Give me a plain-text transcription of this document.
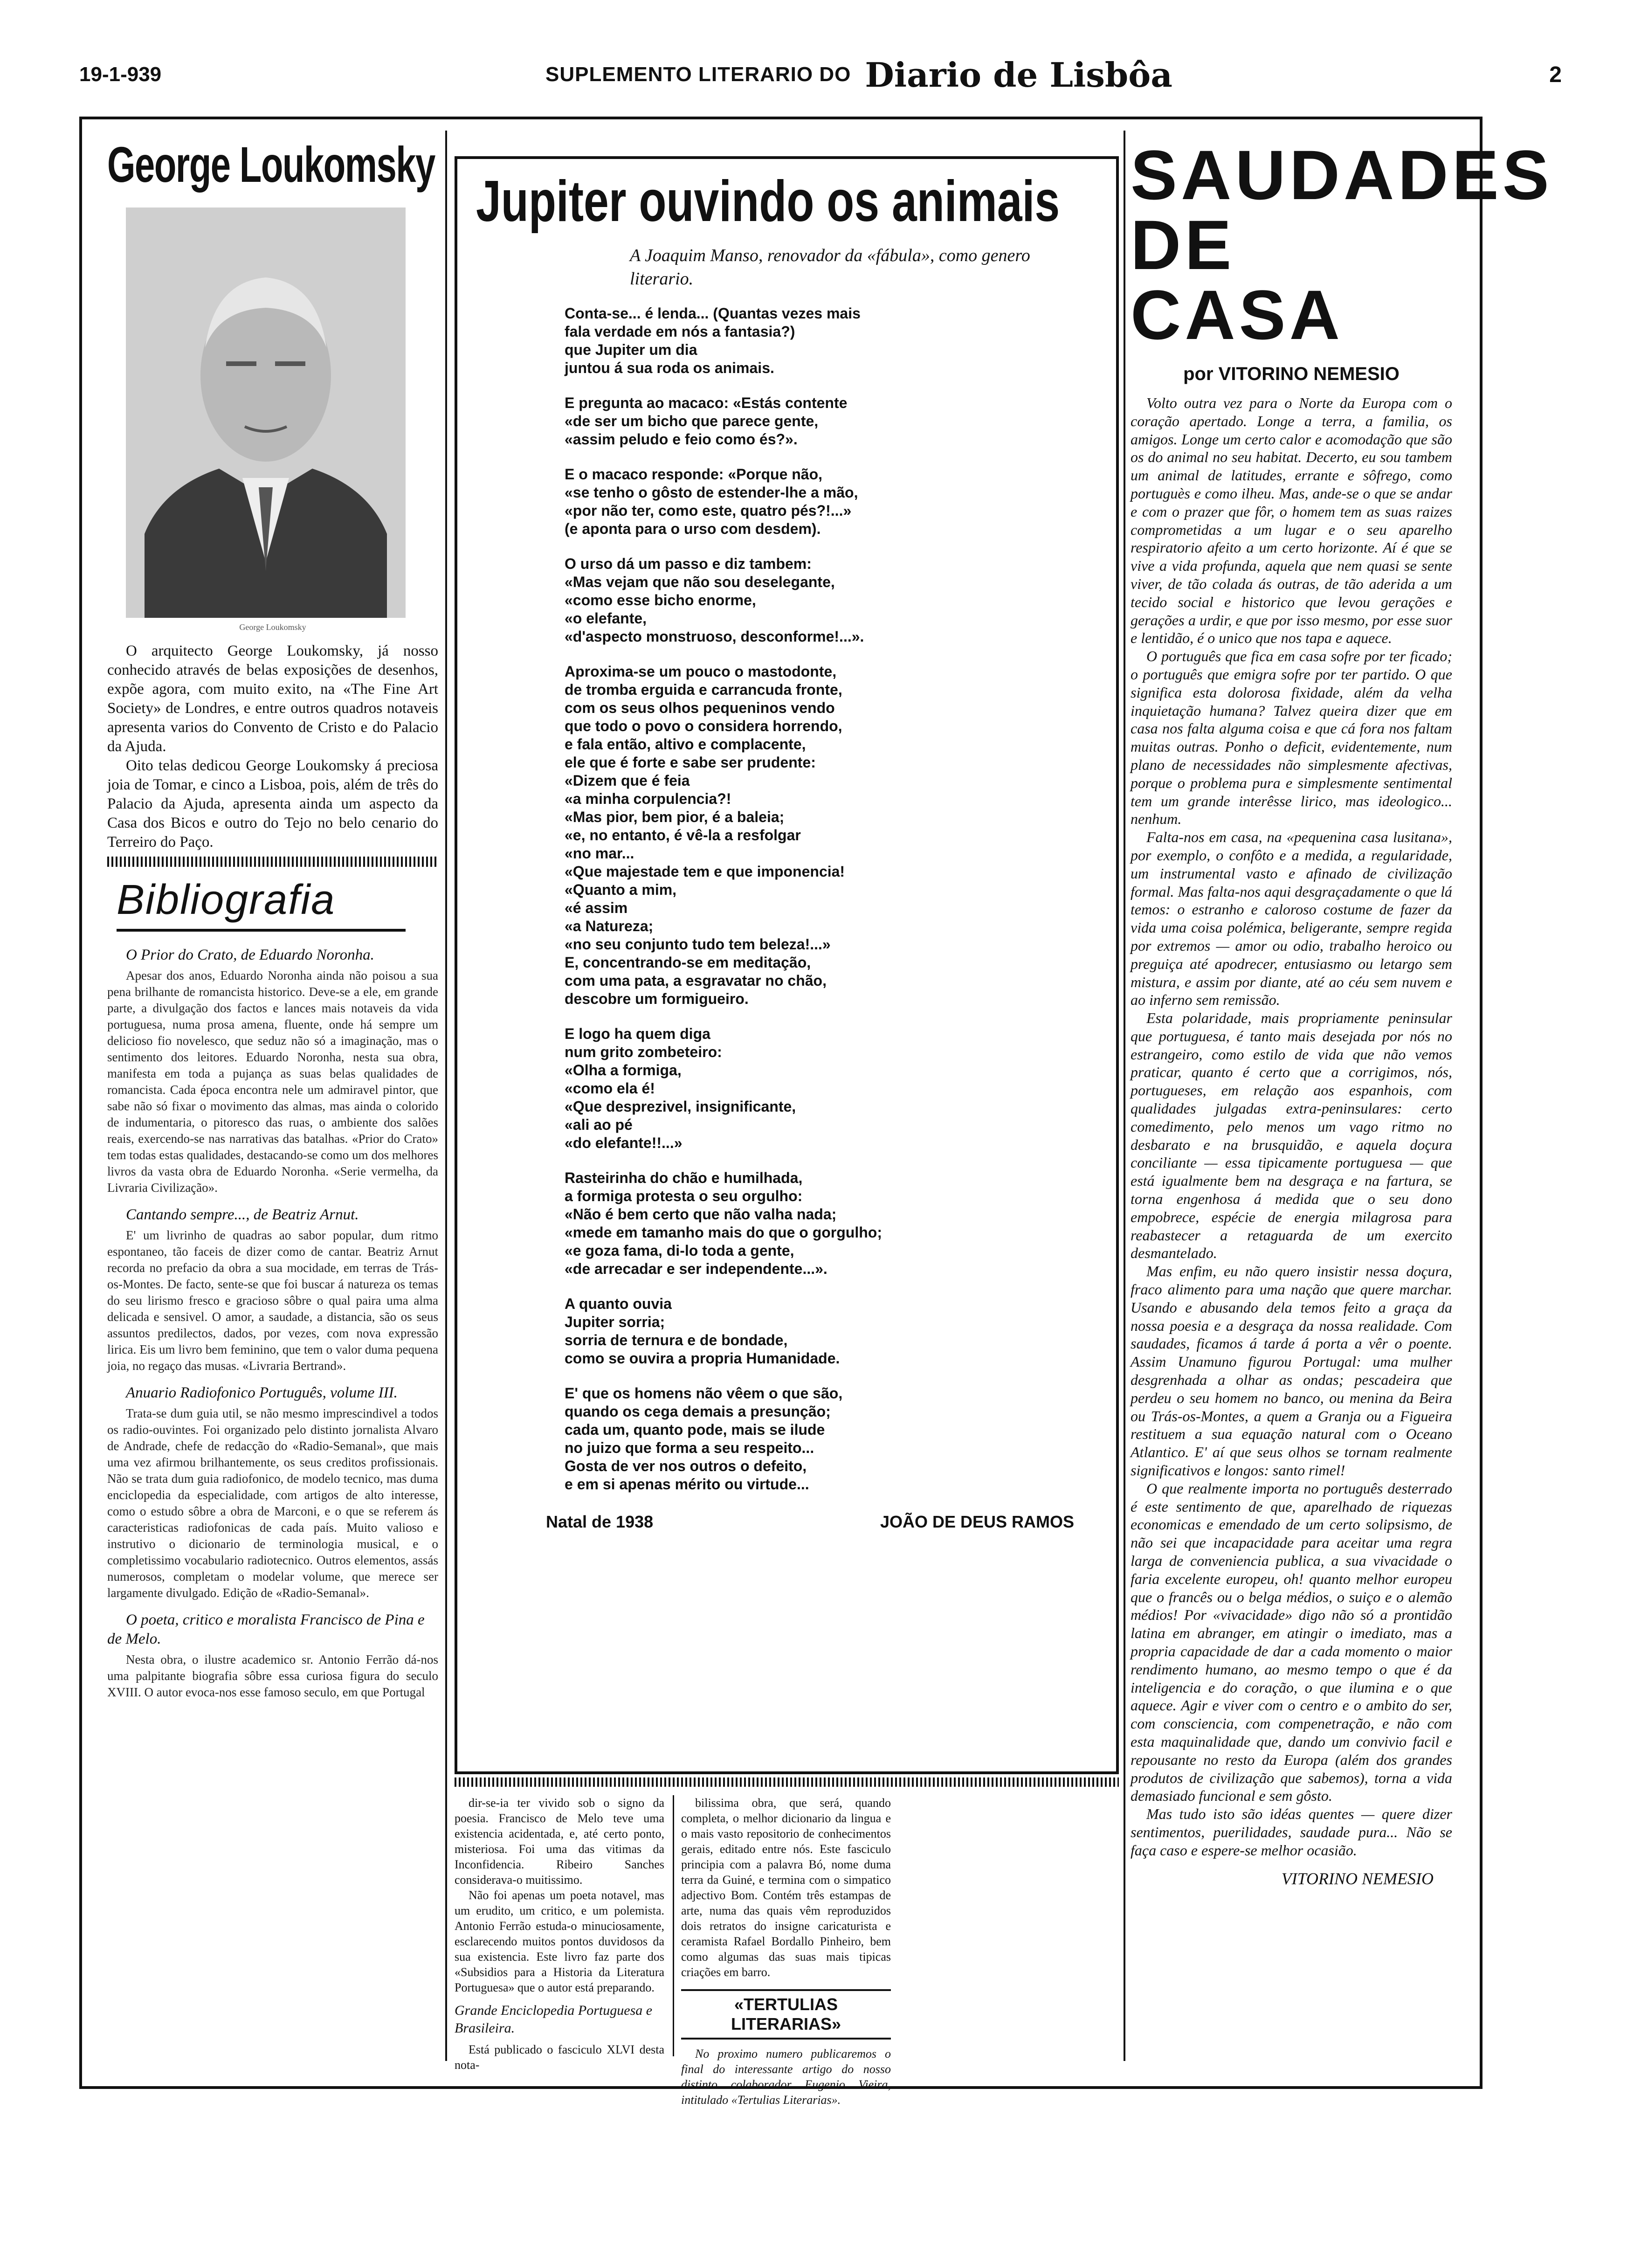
19-1-939	SUPLEMENTO LITERARIO DO Diario de Lisbôa	2
George Loukomsky
George Loukomsky

O arquitecto George Loukomsky, já nosso conhecido através de belas exposições de desenhos, expõe agora, com muito exito, na «The Fine Art Society» de Londres, e entre outros quadros notaveis apresenta varios do Convento de Cristo e do Palacio da Ajuda.

Oito telas dedicou George Loukomsky á preciosa joia de Tomar, e cinco a Lisboa, pois, além de três do Palacio da Ajuda, apresenta ainda um aspecto da Casa dos Bicos e outro do Tejo no belo cenario do Terreiro do Paço.

Bibliografia
O Prior do Crato, de Eduardo Noronha.

Apesar dos anos, Eduardo Noronha ainda não poisou a sua pena brilhante de romancista historico. Deve-se a ele, em grande parte, a divulgação dos factos e lances mais notaveis da vida portuguesa, numa prosa amena, fluente, onde há sempre um delicioso fio novelesco, que seduz não só a imaginação, mas o sentimento dos leitores. Eduardo Noronha, nesta sua obra, manifesta em toda a pujança as suas belas qualidades de romancista. Cada época encontra nele um admiravel pintor, que sabe não só fixar o movimento das almas, mas ainda o colorido de indumentaria, o pitoresco das ruas, o ambiente dos salões reais, exercendo-se nas narrativas das batalhas. «Prior do Crato» tem todas estas qualidades, destacando-se como um dos melhores livros da vasta obra de Eduardo Noronha. «Serie vermelha, da Livraria Civilização».

Cantando sempre..., de Beatriz Arnut.

E' um livrinho de quadras ao sabor popular, dum ritmo espontaneo, tão faceis de dizer como de cantar. Beatriz Arnut recorda no prefacio da obra a sua mocidade, em terras de Trás-os-Montes. De facto, sente-se que foi buscar á natureza os temas do seu lirismo fresco e gracioso sôbre o qual paira uma alma delicada e sensivel. O amor, a saudade, a distancia, são os seus assuntos predilectos, dados, por vezes, com nova expressão lirica. Eis um livro bem feminino, que tem o valor duma pequena joia, no regaço das musas. «Livraria Bertrand».

Anuario Radiofonico Português, volume III.

Trata-se dum guia util, se não mesmo imprescindivel a todos os radio-ouvintes. Foi organizado pelo distinto jornalista Alvaro de Andrade, chefe de redacção do «Radio-Semanal», que mais uma vez afirmou brilhantemente, os seus creditos profissionais. Não se trata dum guia radiofonico, de modelo tecnico, mas duma enciclopedia da especialidade, com artigos de alto interesse, como o estudo sôbre a obra de Marconi, e o que se referem ás caracteristicas radiofonicas de cada país. Muito valioso e instrutivo o dicionario de terminologia musical, e o completissimo vocabulario radiotecnico. Outros elementos, assás numerosos, completam o modelar volume, que merece ser largamente divulgado. Edição de «Radio-Semanal».

O poeta, critico e moralista Francisco de Pina e de Melo.

Nesta obra, o ilustre academico sr. Antonio Ferrão dá-nos uma palpitante biografia sôbre essa curiosa figura do seculo XVIII. O autor evoca-nos esse famoso seculo, em que Portugal

Jupiter ouvindo os animais
A Joaquim Manso, renovador da «fábula», como genero literario.
Conta-se... é lenda... (Quantas vezes mais
fala verdade em nós a fantasia?)
que Jupiter um dia
juntou á sua roda os animais.
E pregunta ao macaco: «Estás contente
«de ser um bicho que parece gente,
«assim peludo e feio como és?».
E o macaco responde: «Porque não,
«se tenho o gôsto de estender-lhe a mão,
«por não ter, como este, quatro pés?!...»
(e aponta para o urso com desdem).
O urso dá um passo e diz tambem:
«Mas vejam que não sou deselegante,
«como esse bicho enorme,
«o elefante,
«d'aspecto monstruoso, desconforme!...».
Aproxima-se um pouco o mastodonte,
de tromba erguida e carrancuda fronte,
com os seus olhos pequeninos vendo
que todo o povo o considera horrendo,
e fala então, altivo e complacente,
ele que é forte e sabe ser prudente:
«Dizem que é feia
«a minha corpulencia?!
«Mas pior, bem pior, é a baleia;
«e, no entanto, é vê-la a resfolgar
«no mar...
«Que majestade tem e que imponencia!
«Quanto a mim,
«é assim
«a Natureza;
«no seu conjunto tudo tem beleza!...»
E, concentrando-se em meditação,
com uma pata, a esgravatar no chão,
descobre um formigueiro.
E logo ha quem diga
num grito zombeteiro:
«Olha a formiga,
«como ela é!
«Que desprezivel, insignificante,
«ali ao pé
«do elefante!!...»
Rasteirinha do chão e humilhada,
a formiga protesta o seu orgulho:
«Não é bem certo que não valha nada;
«mede em tamanho mais do que o gorgulho;
«e goza fama, di-lo toda a gente,
«de arrecadar e ser independente...».
A quanto ouvia
Jupiter sorria;
sorria de ternura e de bondade,
como se ouvira a propria Humanidade.
E' que os homens não vêem o que são,
quando os cega demais a presunção;
cada um, quanto pode, mais se ilude
no juizo que forma a seu respeito...
Gosta de ver nos outros o defeito,
e em si apenas mérito ou virtude...
Natal de 1938	JOÃO DE DEUS RAMOS

dir-se-ia ter vivido sob o signo da poesia. Francisco de Melo teve uma existencia acidentada, e, até certo ponto, misteriosa. Foi uma das vitimas da Inconfidencia. Ribeiro Sanches considerava-o muitissimo.

Não foi apenas um poeta notavel, mas um erudito, um critico, e um polemista. Antonio Ferrão estuda-o minuciosamente, esclarecendo muitos pontos duvidosos da sua existencia. Este livro faz parte dos «Subsidios para a Historia da Literatura Portuguesa» que o autor está preparando.

Grande Enciclopedia Portuguesa e Brasileira.

Está publicado o fasciculo XLVI desta nota-

bilissima obra, que será, quando completa, o melhor dicionario da lingua e o mais vasto repositorio de conhecimentos gerais, editado entre nós. Este fasciculo principia com a palavra Bó, nome duma terra da Guiné, e termina com o simpatico adjectivo Bom. Contém três estampas de arte, numa das quais vêm reproduzidos dois retratos do insigne caricaturista e ceramista Rafael Bordallo Pinheiro, bem como algumas das suas mais tipicas criações em barro.

«TERTULIAS LITERARIAS»

No proximo numero publicaremos o final do interessante artigo do nosso distinto colaborador Eugenio Vieira, intitulado «Tertulias Literarias».

SAUDADES
DE CASA
por VITORINO NEMESIO

Volto outra vez para o Norte da Europa com o coração apertado. Longe a terra, a familia, os amigos. Longe um certo calor e acomodação que são os do animal no seu habitat. Decerto, eu sou tambem um animal de latitudes, errante e sôfrego, como portuguès e como ilheu. Mas, ande-se o que se andar e com o prazer que fôr, o homem tem as suas raizes comprometidas a um lugar e o seu aparelho respiratorio afeito a um certo horizonte. Aí é que se vive a vida profunda, aquela que nem quasi se sente viver, de tão colada ás outras, de tão aderida a um tecido social e historico que levou gerações e gerações a urdir, e que por isso mesmo, por esse suor e lentidão, é o unico que nos tapa e aquece.

O português que fica em casa sofre por ter ficado; o português que emigra sofre por ter partido. O que significa esta dolorosa fixidade, além da velha inquietação humana? Talvez queira dizer que em casa nos falta alguma coisa e que cá fora nos faltam muitas outras. Ponho o deficit, evidentemente, num plano de necessidades não simplesmente afectivas, porque o problema pura e simplesmente sentimental tem um grande interêsse lirico, mas ideologico... nenhum.

Falta-nos em casa, na «pequenina casa lusitana», por exemplo, o confôto e a medida, a regularidade, um instrumental vasto e afinado de civilização formal. Mas falta-nos aqui desgraçadamente o que lá temos: o estranho e caloroso costume de fazer da vida uma coisa polémica, beligerante, sempre regida por extremos — amor ou odio, trabalho heroico ou preguiça até apodrecer, entusiasmo ou letargo sem mistura, e assim por diante, até ao céu sem nuvem e ao inferno sem remissão.

Esta polaridade, mais propriamente peninsular que portuguesa, é tanto mais desejada por nós no estrangeiro, como estilo de vida que não vemos praticar, quanto é certo que a corrigimos, nós, portugueses, em relação aos espanhois, com qualidades julgadas extra-peninsulares: certo comedimento, pelo menos um vago ritmo no desbarato e na brusquidão, e aquela doçura conciliante — essa tipicamente portuguesa — que está igualmente bem na desgraça e na fartura, se torna engenhosa á medida que o seu dono empobrece, espécie de energia milagrosa para reabastecer a retaguarda de um exercito desmantelado.

Mas enfim, eu não quero insistir nessa doçura, fraco alimento para uma nação que quere marchar. Usando e abusando dela temos feito a graça da nossa poesia e a desgraça da nossa realidade. Com saudades, ficamos á tarde á porta a vêr o poente. Assim Unamuno figurou Portugal: uma mulher desgrenhada a olhar as ondas; pescadeira que perdeu o seu homem no banco, ou menina da Beira ou Trás-os-Montes, a quem a Granja ou a Figueira restituem a sua equação natural com o Oceano Atlantico. E' aí que seus olhos se tornam realmente significativos e longos: santo rimel!

O que realmente importa no português desterrado é este sentimento de que, aparelhado de riquezas economicas e emendado de um certo solipsismo, de não sei que incapacidade para aceitar uma regra larga de conveniencia publica, a sua vivacidade o faria excelente europeu, oh! quanto melhor europeu que o francês ou o belga médios, o suiço e o alemão médios! Por «vivacidade» digo não só a prontidão latina em abranger, em atingir o imediato, mas a propria capacidade de dar a cada momento o maior rendimento humano, ao mesmo tempo o que é da inteligencia e do coração, o que ilumina e o que aquece. Agir e viver com o centro e o ambito do ser, com consciencia, com compenetração, e não com esta maquinalidade que, dando um convivio facil e repousante no resto da Europa (além dos grandes produtos de civilização que sabemos), torna a vida demasiado funcional e sem gôsto.

Mas tudo isto são idéas quentes — quere dizer sentimentos, puerilidades, saudade pura... Não se faça caso e espere-se melhor ocasião.

VITORINO NEMESIO
